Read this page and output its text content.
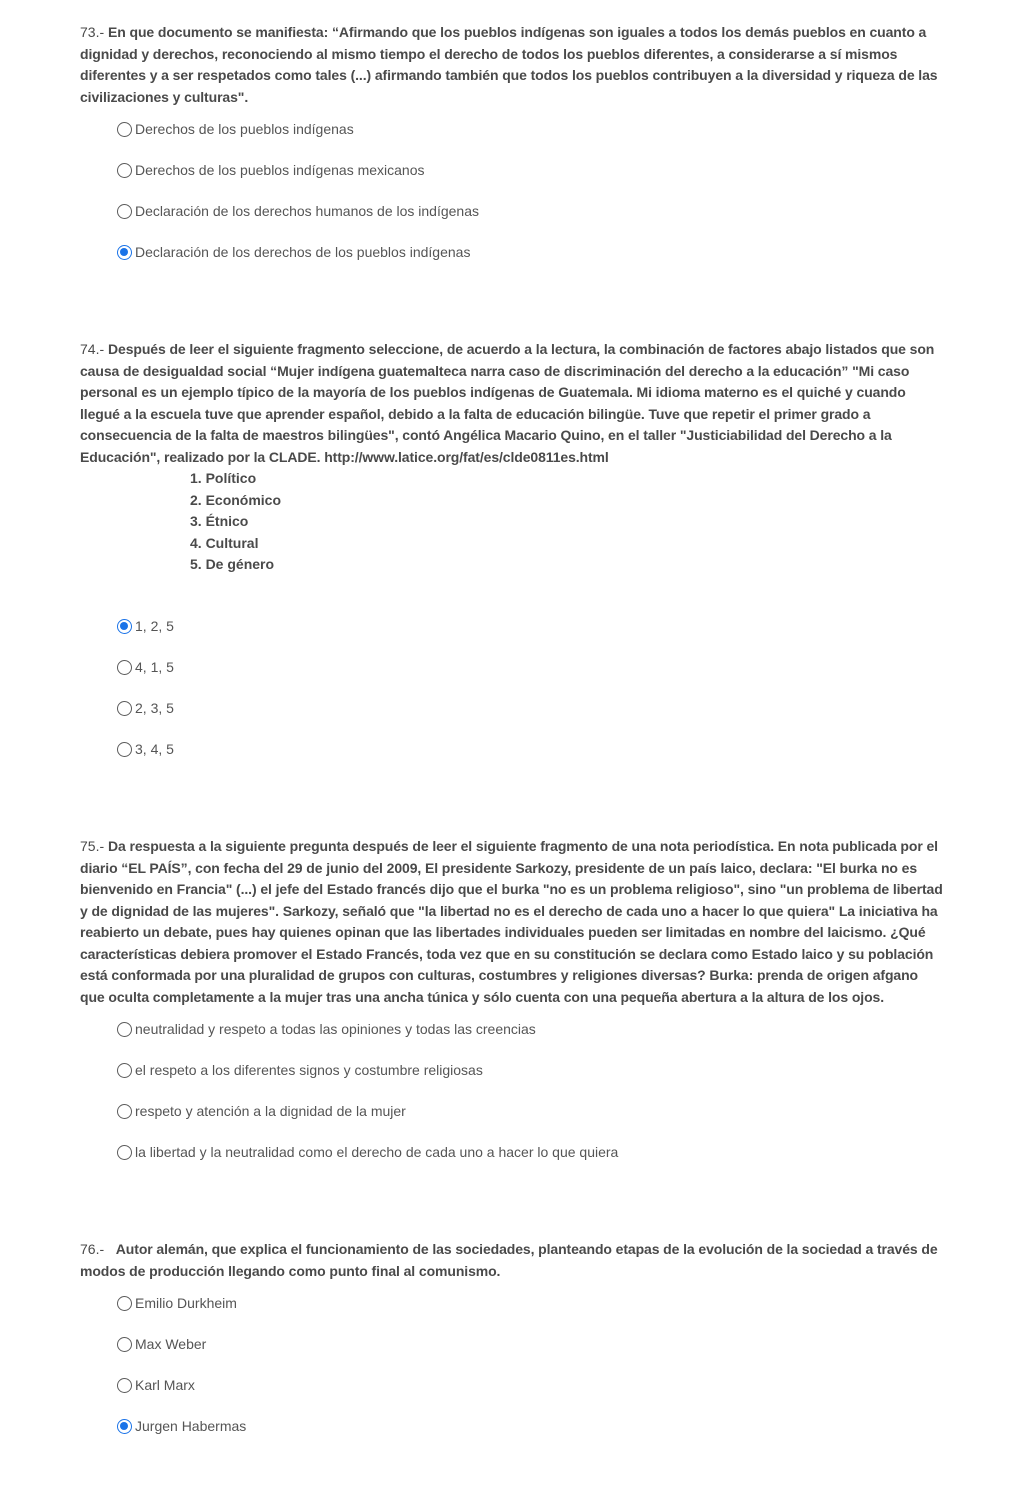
73.- En que documento se manifiesta: “Afirmando que los pueblos indígenas son iguales a todos los demás pueblos en cuanto a dignidad y derechos, reconociendo al mismo tiempo el derecho de todos los pueblos diferentes, a considerarse a sí mismos diferentes y a ser respetados como tales (...) afirmando también que todos los pueblos contribuyen a la diversidad y riqueza de las civilizaciones y culturas".

Derechos de los pueblos indígenas
Derechos de los pueblos indígenas mexicanos
Declaración de los derechos humanos de los indígenas
Declaración de los derechos de los pueblos indígenas

74.- Después de leer el siguiente fragmento seleccione, de acuerdo a la lectura, la combinación de factores abajo listados que son causa de desigualdad social “Mujer indígena guatemalteca narra caso de discriminación del derecho a la educación” "Mi caso personal es un ejemplo típico de la mayoría de los pueblos indígenas de Guatemala. Mi idioma materno es el quiché y cuando llegué a la escuela tuve que aprender español, debido a la falta de educación bilingüe. Tuve que repetir el primer grado a consecuencia de la falta de maestros bilingües", contó Angélica Macario Quino, en el taller "Justiciabilidad del Derecho a la Educación", realizado por la CLADE. http://www.latice.org/fat/es/clde0811es.html

1. Político
2. Económico
3. Étnico
4. Cultural
5. De género
1, 2, 5
4, 1, 5
2, 3, 5
3, 4, 5

75.- Da respuesta a la siguiente pregunta después de leer el siguiente fragmento de una nota periodística. En nota publicada por el diario “EL PAÍS”, con fecha del 29 de junio del 2009, El presidente Sarkozy, presidente de un país laico, declara: "El burka no es bienvenido en Francia" (...) el jefe del Estado francés dijo que el burka "no es un problema religioso", sino "un problema de libertad y de dignidad de las mujeres". Sarkozy, señaló que "la libertad no es el derecho de cada uno a hacer lo que quiera" La iniciativa ha reabierto un debate, pues hay quienes opinan que las libertades individuales pueden ser limitadas en nombre del laicismo. ¿Qué características debiera promover el Estado Francés, toda vez que en su constitución se declara como Estado laico y su población está conformada por una pluralidad de grupos con culturas, costumbres y religiones diversas? Burka: prenda de origen afgano que oculta completamente a la mujer tras una ancha túnica y sólo cuenta con una pequeña abertura a la altura de los ojos.

neutralidad y respeto a todas las opiniones y todas las creencias
el respeto a los diferentes signos y costumbre religiosas
respeto y atención a la dignidad de la mujer
la libertad y la neutralidad como el derecho de cada uno a hacer lo que quiera

76.-   Autor alemán, que explica el funcionamiento de las sociedades, planteando etapas de la evolución de la sociedad a través de modos de producción llegando como punto final al comunismo.

Emilio Durkheim
Max Weber
Karl Marx
Jurgen Habermas
